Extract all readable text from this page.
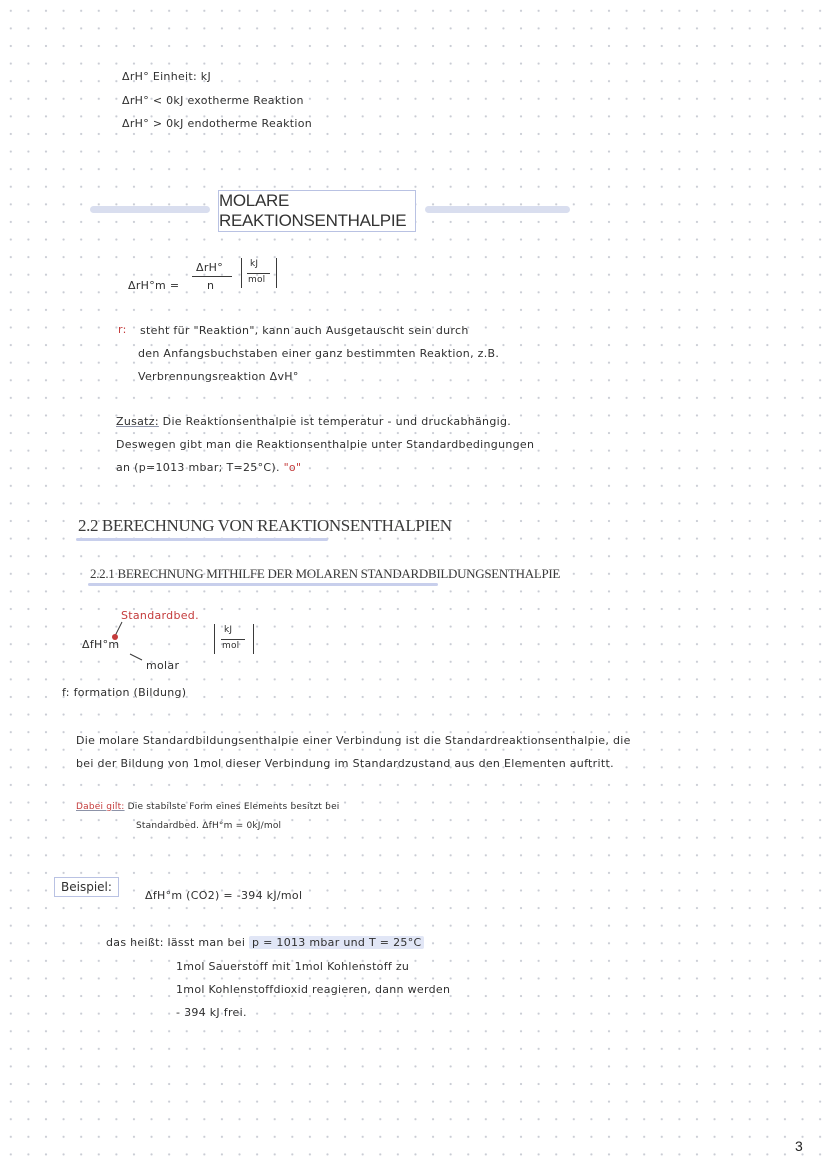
ΔrH° Einheit: kJ
ΔrH° < 0kJ exotherme Reaktion
ΔrH° > 0kJ endotherme Reaktion
MOLARE REAKTIONSENTHALPIE
ΔrH°m =
ΔrH°
n
kJ
mol
r: steht für "Reaktion", kann auch Ausgetauscht sein durch
den Anfangsbuchstaben einer ganz bestimmten Reaktion, z.B.
Verbrennungsreaktion ΔvH°
Zusatz: Die Reaktionsenthalpie ist temperatur - und druckabhängig.
Deswegen gibt man die Reaktionsenthalpie unter Standardbedingungen
an (p=1013 mbar; T=25°C). "o"
2.2 BERECHNUNG VON REAKTIONSENTHALPIEN
2.2.1 BERECHNUNG MITHILFE DER MOLAREN STANDARDBILDUNGSENTHALPIE
Standardbed.
ΔfH°m
molar
kJ
mol
f: formation (Bildung)
Die molare Standardbildungsenthalpie einer Verbindung ist die Standardreaktionsenthalpie, die
bei der Bildung von 1mol dieser Verbindung im Standardzustand aus den Elementen auftritt.
Dabei gilt: Die stabilste Form eines Elements besitzt bei
Standardbed. ΔfH°m = 0kJ/mol
Beispiel:
ΔfH°m (CO2) = -394 kJ/mol
das heißt: lässt man bei p = 1013 mbar und T = 25°C
1mol Sauerstoff mit 1mol Kohlenstoff zu
1mol Kohlenstoffdioxid reagieren, dann werden
- 394 kJ frei.
3
